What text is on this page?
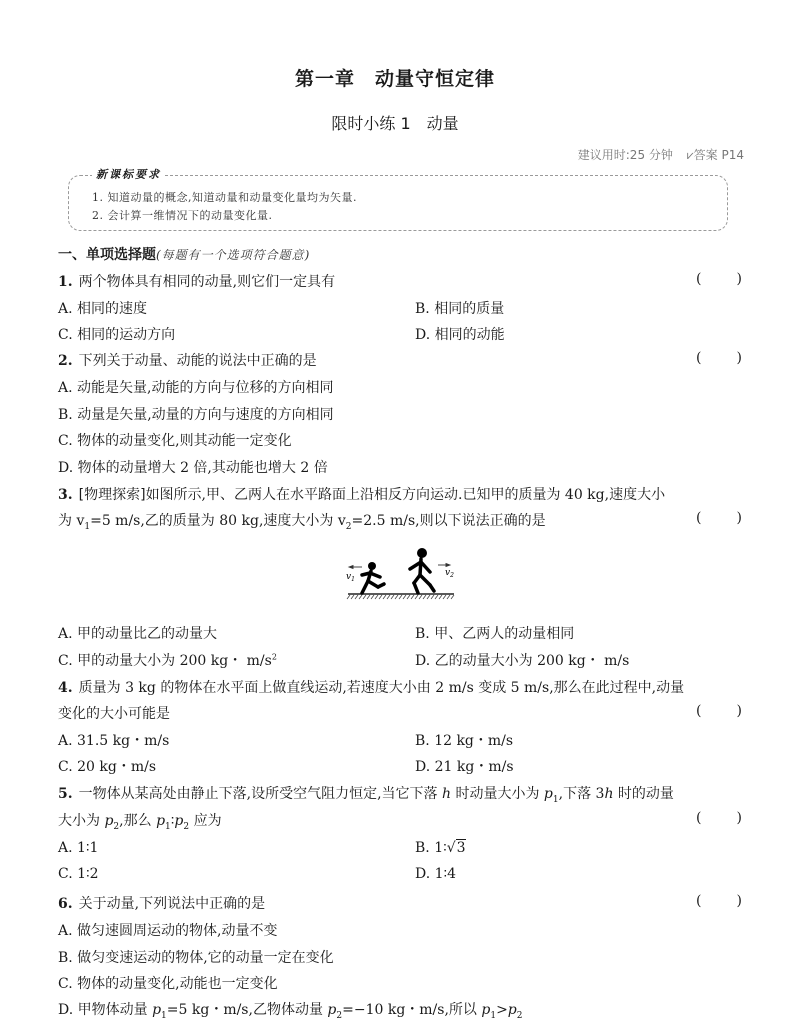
第一章　动量守恒定律
限时小练 1　动量
建议用时:25 分钟 ⩗答案 P14
新课标要求
1. 知道动量的概念,知道动量和动量变化量均为矢量.
2. 会计算一维情况下的动量变化量.
一、单项选择题(每题有一个选项符合题意)
1. 两个物体具有相同的动量,则它们一定具有	(	)
A. 相同的速度	B. 相同的质量
C. 相同的运动方向	D. 相同的动能
2. 下列关于动量、动能的说法中正确的是	(	)
A. 动能是矢量,动能的方向与位移的方向相同
B. 动量是矢量,动量的方向与速度的方向相同
C. 物体的动量变化,则其动能一定变化
D. 物体的动量增大 2 倍,其动能也增大 2 倍
3. [物理探索]如图所示,甲、乙两人在水平路面上沿相反方向运动.已知甲的质量为 40 kg,速度大小
为 $v_1=5$ m/s,乙的质量为 80 kg,速度大小为 $v_2=2.5$ m/s,则以下说法正确的是	(	)
$v_1$
$v_2$
A. 甲的动量比乙的动量大	B. 甲、乙两人的动量相同
C. 甲的动量大小为 200 kg・ $m/s^2$	D. 乙的动量大小为 200 kg・ m/s
4. 质量为 3 kg 的物体在水平面上做直线运动,若速度大小由 2 m/s 变成 5 m/s,那么在此过程中,动量
变化的大小可能是	(	)
A. 31.5 kg・m/s	B. 12 kg・m/s
C. 20 kg・m/s	D. 21 kg・m/s
5. 一物体从某高处由静止下落,设所受空气阻力恒定,当它下落 h 时动量大小为 $p_1$,下落 3h 时的动量
大小为 $p_2$,那么 $p_1∶p_2$ 应为	(	)
A. 1∶1	B. 1∶√3
C. 1∶2	D. 1∶4
6. 关于动量,下列说法中正确的是	(	)
A. 做匀速圆周运动的物体,动量不变
B. 做匀变速运动的物体,它的动量一定在变化
C. 物体的动量变化,动能也一定变化
D. 甲物体动量 $p_1=5$ kg・m/s,乙物体动量 $p_2=-10$ kg・m/s,所以 $p_1>p_2$
